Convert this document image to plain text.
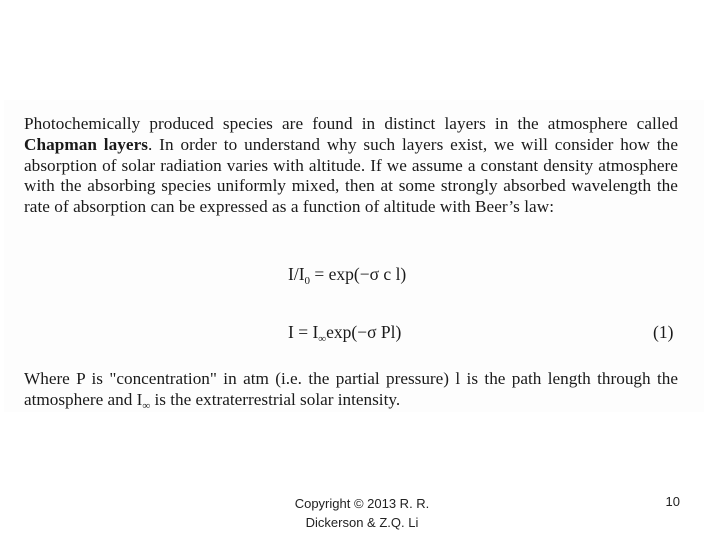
Photochemically produced species are found in distinct layers in the atmosphere called Chapman layers. In order to understand why such layers exist, we will consider how the absorption of solar radiation varies with altitude. If we assume a constant density atmosphere with the absorbing species uniformly mixed, then at some strongly absorbed wavelength the rate of absorption can be expressed as a function of altitude with Beer’s law:
$I/I_0 = \exp(-\sigma$ c l)
$I = I_\infty\exp(-\sigma$ Pl)	(1)
Where P is "concentration" in atm (i.e. the partial pressure) l is the path length through the atmosphere and $I_\infty$ is the extraterrestrial solar intensity.
Copyright © 2013 R. R.
Dickerson & Z.Q. Li
10
